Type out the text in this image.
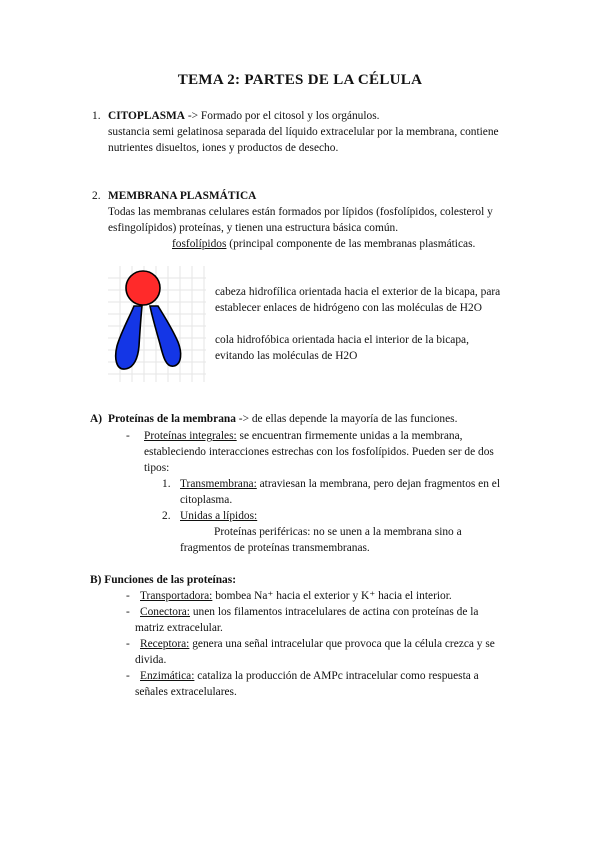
TEMA 2: PARTES DE LA CÉLULA
1. CITOPLASMA -> Formado por el citosol y los orgánulos.
sustancia semi gelatinosa separada del líquido extracelular por la membrana, contiene
nutrientes disueltos, iones y productos de desecho.
2. MEMBRANA PLASMÁTICA
Todas las membranas celulares están formados por lípidos (fosfolípidos, colesterol y
esfingolípidos) proteínas, y tienen una estructura básica común.
fosfolípidos (principal componente de las membranas plasmáticas.
cabeza hidrofílica orientada hacia el exterior de la bicapa, para
establecer enlaces de hidrógeno con las moléculas de H2O
cola hidrofóbica orientada hacia el interior de la bicapa,
evitando las moléculas de H2O
A) Proteínas de la membrana -> de ellas depende la mayoría de las funciones.
- Proteínas integrales: se encuentran firmemente unidas a la membrana,
estableciendo interacciones estrechas con los fosfolípidos. Pueden ser de dos
tipos:
1. Transmembrana: atraviesan la membrana, pero dejan fragmentos en el
citoplasma.
2. Unidas a lípidos:
Proteínas periféricas: no se unen a la membrana sino a
fragmentos de proteínas transmembranas.
B) Funciones de las proteínas:
- Transportadora: bombea Na⁺ hacia el exterior y K⁺ hacia el interior.
- Conectora: unen los filamentos intracelulares de actina con proteínas de la
matriz extracelular.
- Receptora: genera una señal intracelular que provoca que la célula crezca y se
divida.
- Enzimática: cataliza la producción de AMPc intracelular como respuesta a
señales extracelulares.
